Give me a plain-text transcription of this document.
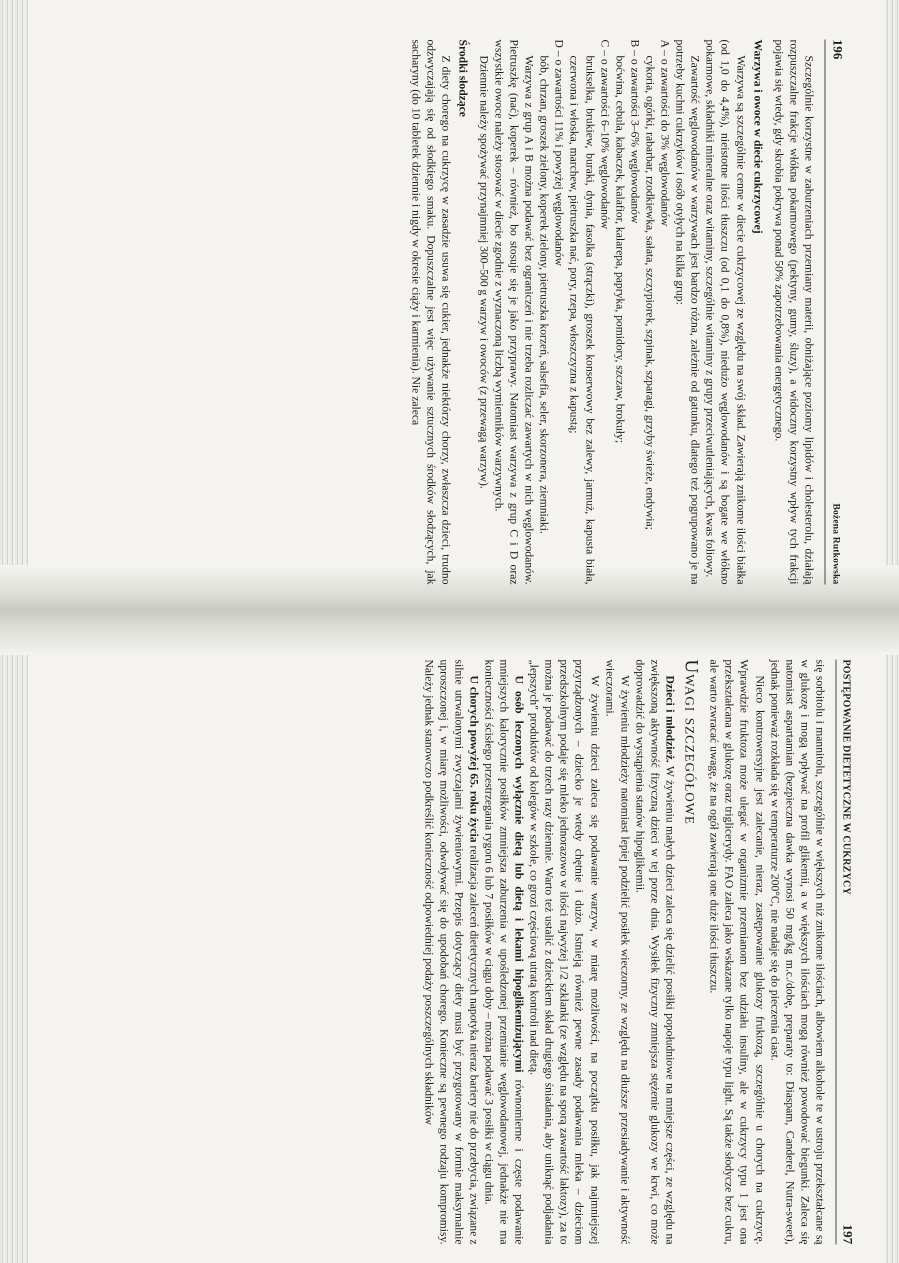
196
Bożena Rutkowska

Szczególnie korzystne w zaburzeniach przemiany materii, obniżające poziomy lipidów i cholesterolu, działają rozpuszczalne frakcje włókna pokarmowego (pektyny, gumy, śluzy), a widoczny korzystny wpływ tych frakcji pojawia się wtedy, gdy skrobia pokrywa ponad 50% zapotrzebowania energetycznego.

Warzywa i owoce w diecie cukrzycowej

Warzywa są szczególnie cenne w diecie cukrzycowej ze względu na swój skład. Zawierają znikome ilości białka (od 1,0 do 4,4%), nieistotne ilości tłuszczu (od 0,1 do 0,8%), niedużo węglowodanów i są bogate we włókno pokarmowe, składniki mineralne oraz witaminy, szczególnie witaminy z grupy przeciwutleniających, kwas foliowy.

Zawartość węglowodanów w warzywach jest bardzo różna, zależnie od gatunku, dlatego też pogrupowano je na potrzeby kuchni cukrzyków i osób otyłych na kilka grup:

A – o zawartości do 3% węglowodanów

cykoria, ogórki, rabarbar, rzodkiewka, sałata, szczypiorek, szpinak, szparagi, grzyby świeże, endywia;

B – o zawartości 3–6% węglowodanów

boćwina, cebula, kabaczek, kalafior, kalarepa, papryka, pomidory, szczaw, brokuły;

C – o zawartości 6–10% węglowodanów

brukselka, brukiew, buraki, dynia, fasolka (strączki), groszek konserwowy bez zalewy, jarmuż, kapusta biała, czerwona i włoska, marchew, pietruszka nać, pory, rzepa, włoszczyzna z kapustą;

D – o zawartości 11% i powyżej węglowodanów

bób, chrzan, groszek zielony, koperek zielony, pietruszka korzeń, salsefia, seler, skorzonera, ziemniaki.

Warzywa z grup A i B można podawać bez ograniczeń i nie trzeba rozliczać zawartych w nich węglowodanów. Pietruszkę (nać), koperek – również, bo stosuje się je jako przyprawy. Natomiast warzywa z grup C i D oraz wszystkie owoce należy stosować w diecie zgodnie z wyznaczoną liczbą wymienników warzywnych.

Dziennie należy spożywać przynajmniej 300–500 g warzyw i owoców (z przewagą warzyw).

Środki słodzące

Z diety chorego na cukrzycę w zasadzie usuwa się cukier, jednakże niektórzy chorzy, zwłaszcza dzieci, trudno odzwyczajają się od słodkiego smaku. Dopuszczalne jest więc używanie sztucznych środków słodzących, jak sacharyny (do 10 tabletek dziennie i nigdy w okresie ciąży i karmienia). Nie zaleca

POSTĘPOWANIE DIETETYCZNE W CUKRZYCY
197

się sorbitolu i mannitolu, szczególnie w większych niż znikome ilościach, albowiem alkohole te w ustroju przekształcane są w glukozę i mogą wpływać na profil glikemii, a w większych ilościach mogą również powodować biegunki. Zaleca się natomiast aspartamian (bezpieczna dawka wynosi 50 mg/kg m.c./dobę, preparaty to: Diaspam, Canderel, Nutra-sweet), jednak ponieważ rozkłada się w temperaturze 200°C, nie nadaje się do pieczenia ciast.

Nieco kontrowersyjne jest zalecanie, nieraz, zastępowanie glukozy fruktozą, szczególnie u chorych na cukrzycę. Wprawdzie fruktoza może ulegać w organizmie przemianom bez udziału insuliny, ale w cukrzycy typu 1 jest ona przekształcana w glukozę oraz triglicerydy. FAO zaleca jako wskazane tylko napoje typu light. Są także słodycze bez cukru, ale warto zwracać uwagę, że na ogół zawierają one duże ilości tłuszczu.

Uwagi szczegółowe

Dzieci i młodzież. W żywieniu małych dzieci zaleca się dzielić posiłki popołudniowe na mniejsze części, ze względu na zwiększoną aktywność fizyczną dzieci w tej porze dnia. Wysiłek fizyczny zmniejsza stężenie glukozy we krwi, co może doprowadzić do wystąpienia stanów hipoglikemii.

W żywieniu młodzieży natomiast lepiej podzielić posiłek wieczorny, ze względu na dłuższe przesiadywanie i aktywność wieczorami.

W żywieniu dzieci zaleca się podawanie warzyw, w miarę możliwości, na początku posiłku, jak najmniejszej przyrządzonych – dziecko je wtedy chętnie i dużo. Istnieją również pewne zasady podawania mleka – dzieciom przedszkolnym podaje się mleko jednorazowo w ilości najwyżej 1/2 szklanki (ze względu na sporą zawartość laktozy), za to można je podawać do trzech razy dziennie. Warto też ustalić z dzieckiem skład drugiego śniadania, aby uniknąć podjadania „lepszych" produktów od kolegów w szkole, co grozi częściową utratą kontroli nad dietą.

U osób leczonych wyłącznie dietą lub dietą i lekami hipoglikemizującymi równomierne i częste podawanie mniejszych kalorycznie posiłków zmniejsza zaburzenia w upośledzonej przemianie węglowodanowej, jednakże nie ma konieczności ścisłego przestrzegania rygoru 6 lub 7 posiłków w ciągu doby – można podawać 3 posiłki w ciągu dnia.

U chorych powyżej 65. roku życia realizacja zaleceń dietetycznych napotyka nieraz bariery nie do przebycia, związane z silnie utrwalonymi zwyczajami żywieniowymi. Przepis dotyczący diety musi być przygotowany w formie maksymalnie uproszczonej i, w miarę możliwości, odwoływać się do upodobań chorego. Konieczne są pewnego rodzaju kompromisy. Należy jednak stanowczo podkreślić konieczność odpowiedniej podaży poszczególnych składników
